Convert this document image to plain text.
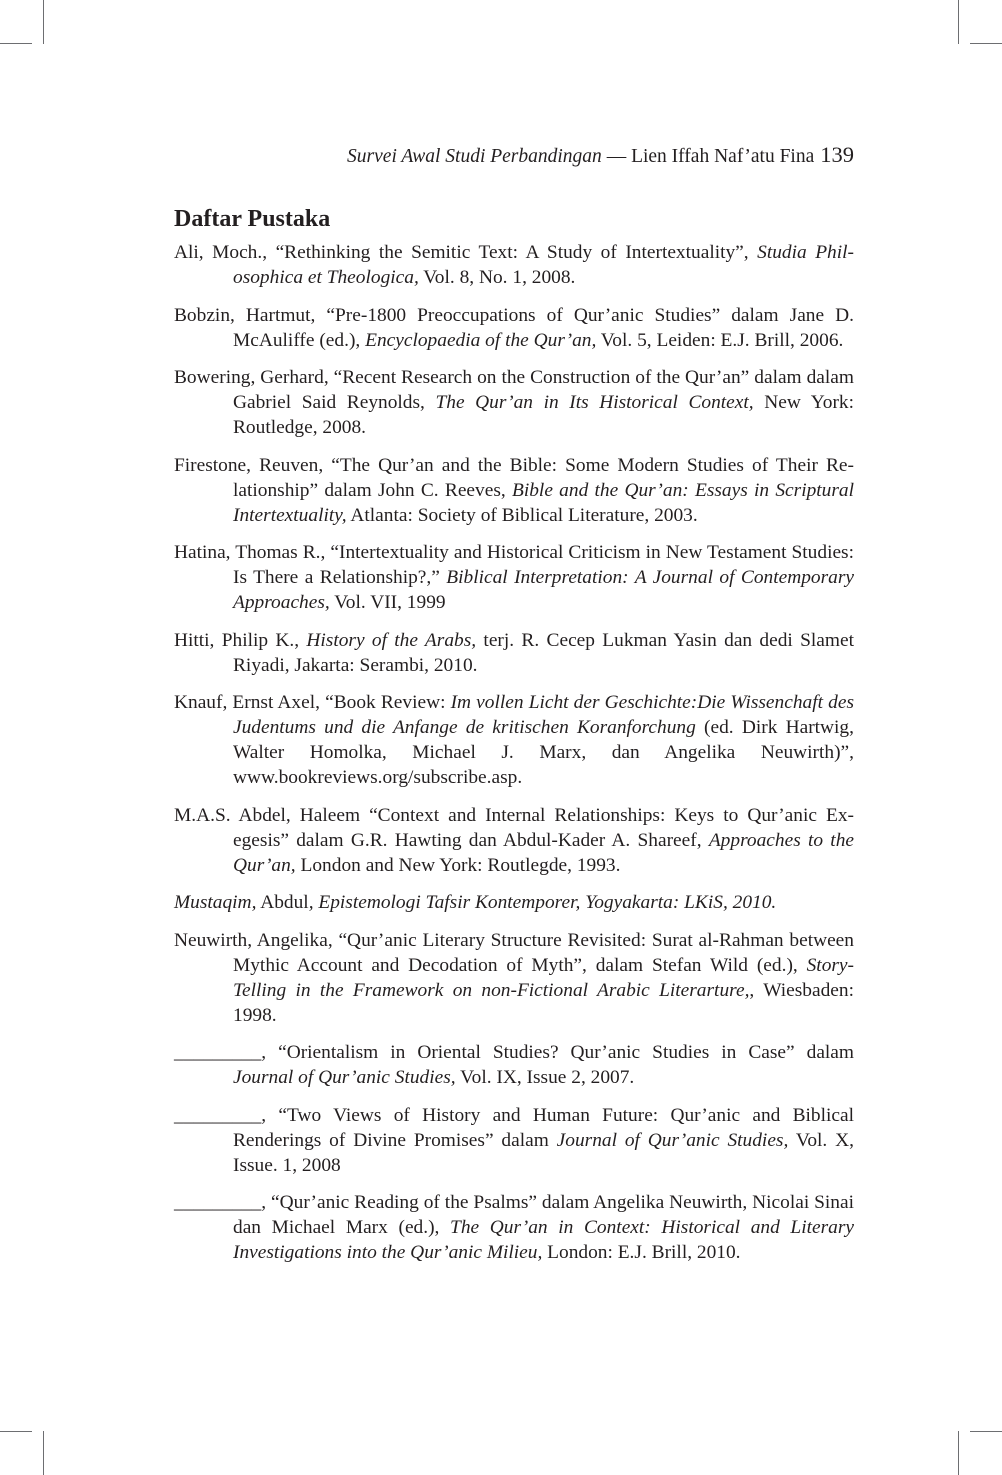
Survei Awal Studi Perbandingan — Lien Iffah Naf’atu Fina 139
Daftar Pustaka
Ali, Moch., “Rethinking the Semitic Text: A Study of Intertextuality”, Studia Philosophica et Theologica, Vol. 8, No. 1, 2008.
Bobzin, Hartmut, “Pre-1800 Preoccupations of Qur’anic Studies” dalam Jane D. McAuliffe (ed.), Encyclopaedia of the Qur’an, Vol. 5, Leiden: E.J. Brill, 2006.
Bowering, Gerhard, “Recent Research on the Construction of the Qur’an” dalam dalam Gabriel Said Reynolds, The Qur’an in Its Historical Context, New York: Routledge, 2008.
Firestone, Reuven, “The Qur’an and the Bible: Some Modern Studies of Their Relationship” dalam John C. Reeves, Bible and the Qur’an: Essays in Scriptural Intertextuality, Atlanta: Society of Biblical Literature, 2003.
Hatina, Thomas R., “Intertextuality and Historical Criticism in New Testament Studies: Is There a Relationship?,” Biblical Interpretation: A Journal of Contemporary Approaches, Vol. VII, 1999
Hitti, Philip K., History of the Arabs, terj. R. Cecep Lukman Yasin dan dedi Slamet Riyadi, Jakarta: Serambi, 2010.
Knauf, Ernst Axel, “Book Review: Im vollen Licht der Geschichte:Die Wissenchaft des Judentums und die Anfange de kritischen Koranforchung (ed. Dirk Hartwig, Walter Homolka, Michael J. Marx, dan Angelika Neuwirth)”, www.bookreviews.org/subscribe.asp.
M.A.S. Abdel, Haleem “Context and Internal Relationships: Keys to Qur’anic Exegesis” dalam G.R. Hawting dan Abdul-Kader A. Shareef, Approaches to the Qur’an, London and New York: Routlegde, 1993.
Mustaqim, Abdul, Epistemologi Tafsir Kontemporer, Yogyakarta: LKiS, 2010.
Neuwirth, Angelika, “Qur’anic Literary Structure Revisited: Surat al-Rahman between Mythic Account and Decodation of Myth”, dalam Stefan Wild (ed.), Story-Telling in the Framework on non-Fictional Arabic Literarture,, Wiesbaden: 1998.
_________, “Orientalism in Oriental Studies? Qur’anic Studies in Case” dalam Journal of Qur’anic Studies, Vol. IX, Issue 2, 2007.
_________, “Two Views of History and Human Future: Qur’anic and Biblical Renderings of Divine Promises” dalam Journal of Qur’anic Studies, Vol. X, Issue. 1, 2008
_________, “Qur’anic Reading of the Psalms” dalam Angelika Neuwirth, Nicolai Sinai dan Michael Marx (ed.), The Qur’an in Context: Historical and Literary Investigations into the Qur’anic Milieu, London: E.J. Brill, 2010.
